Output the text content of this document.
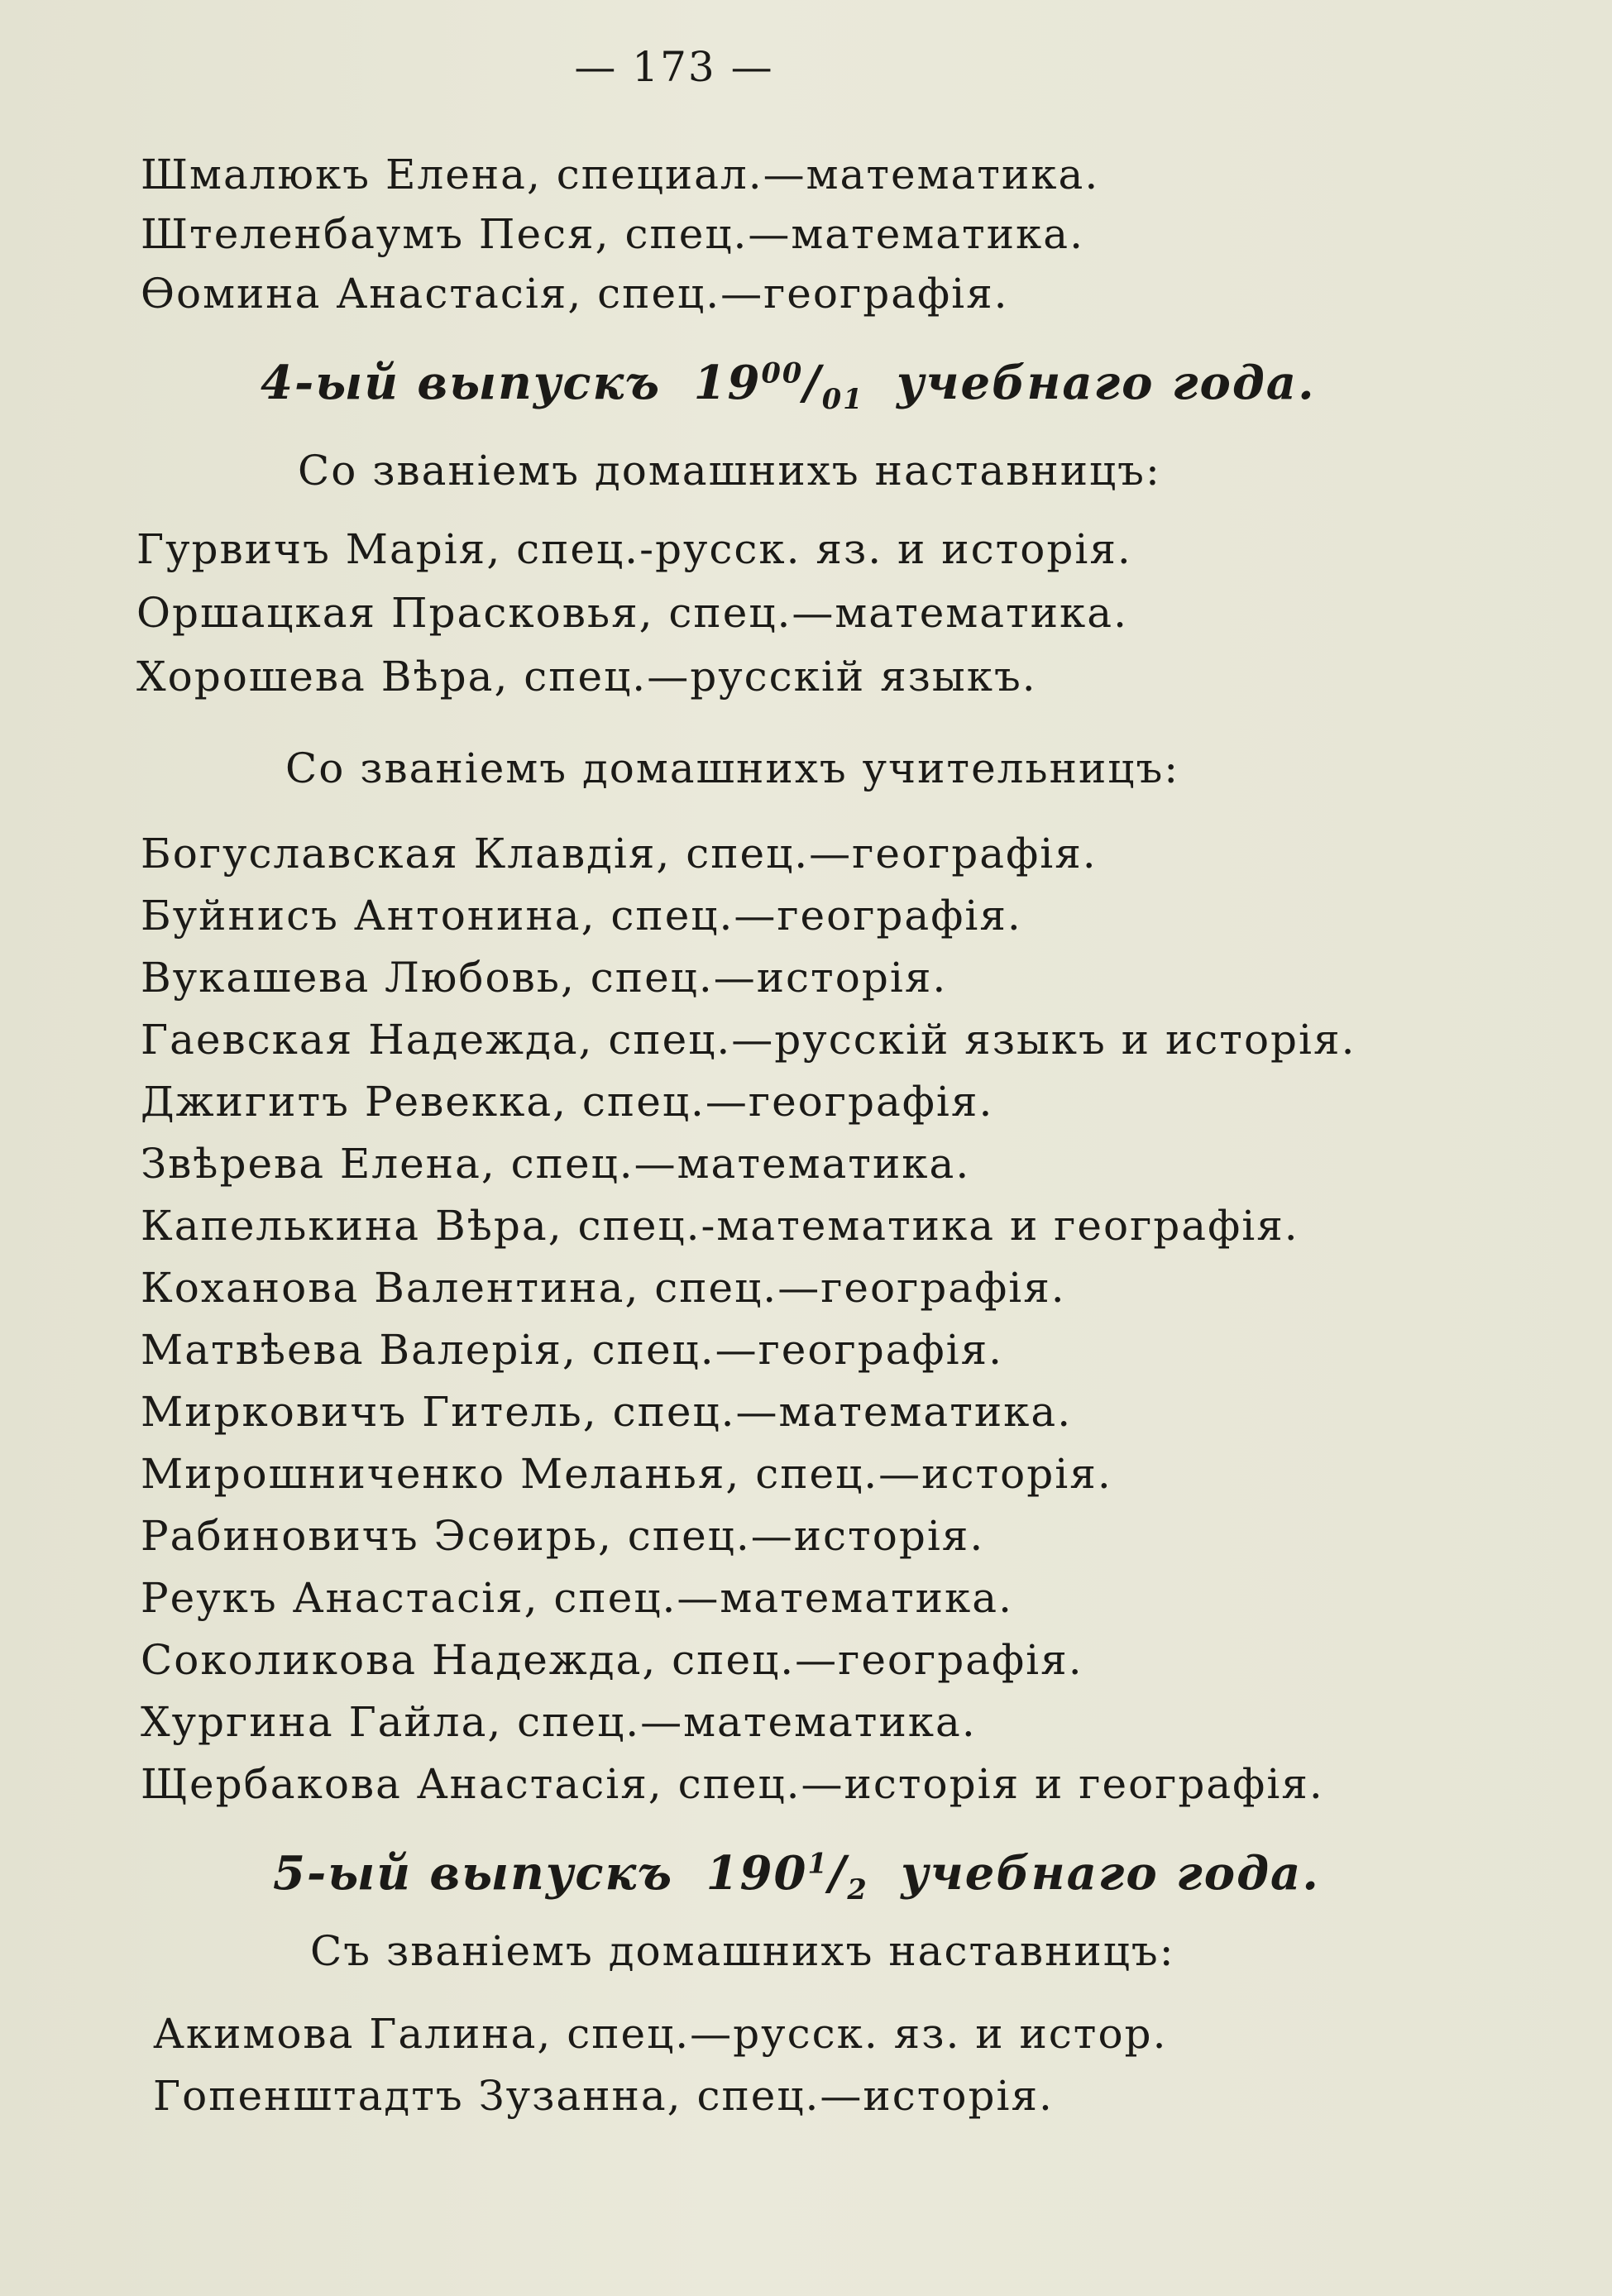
— 173 —
Шмалюкъ Елена, специал.—математика.
Штеленбаумъ Песя, спец.—математика.
Ѳомина Анастасія, спец.—географія.
4-ый выпускъ $19^{00}/_{01}$ учебнаго года.
Со званіемъ домашнихъ наставницъ:
Гурвичъ Марія, спец.-русск. яз. и исторія.
Оршацкая Прасковья, спец.—математика.
Хорошева Вѣра, спец.—русскій языкъ.
Со званіемъ домашнихъ учительницъ:
Богуславская Клавдія, спец.—географія.
Буйнисъ Антонина, спец.—географія.
Вукашева Любовь, спец.—исторія.
Гаевская Надежда, спец.—русскій языкъ и исторія.
Джигитъ Ревекка, спец.—географія.
Звѣрева Елена, спец.—математика.
Капелькина Вѣра, спец.-математика и географія.
Коханова Валентина, спец.—географія.
Матвѣева Валерія, спец.—географія.
Мирковичъ Гитель, спец.—математика.
Мирошниченко Меланья, спец.—исторія.
Рабиновичъ Эсѳирь, спец.—исторія.
Реукъ Анастасія, спец.—математика.
Соколикова Надежда, спец.—географія.
Хургина Гайла, спец.—математика.
Щербакова Анастасія, спец.—исторія и географія.
5-ый выпускъ $190^1/_2$ учебнаго года.
Съ званіемъ домашнихъ наставницъ:
Акимова Галина, спец.—русск. яз. и истор.
Гопенштадтъ Зузанна, спец.—исторія.
